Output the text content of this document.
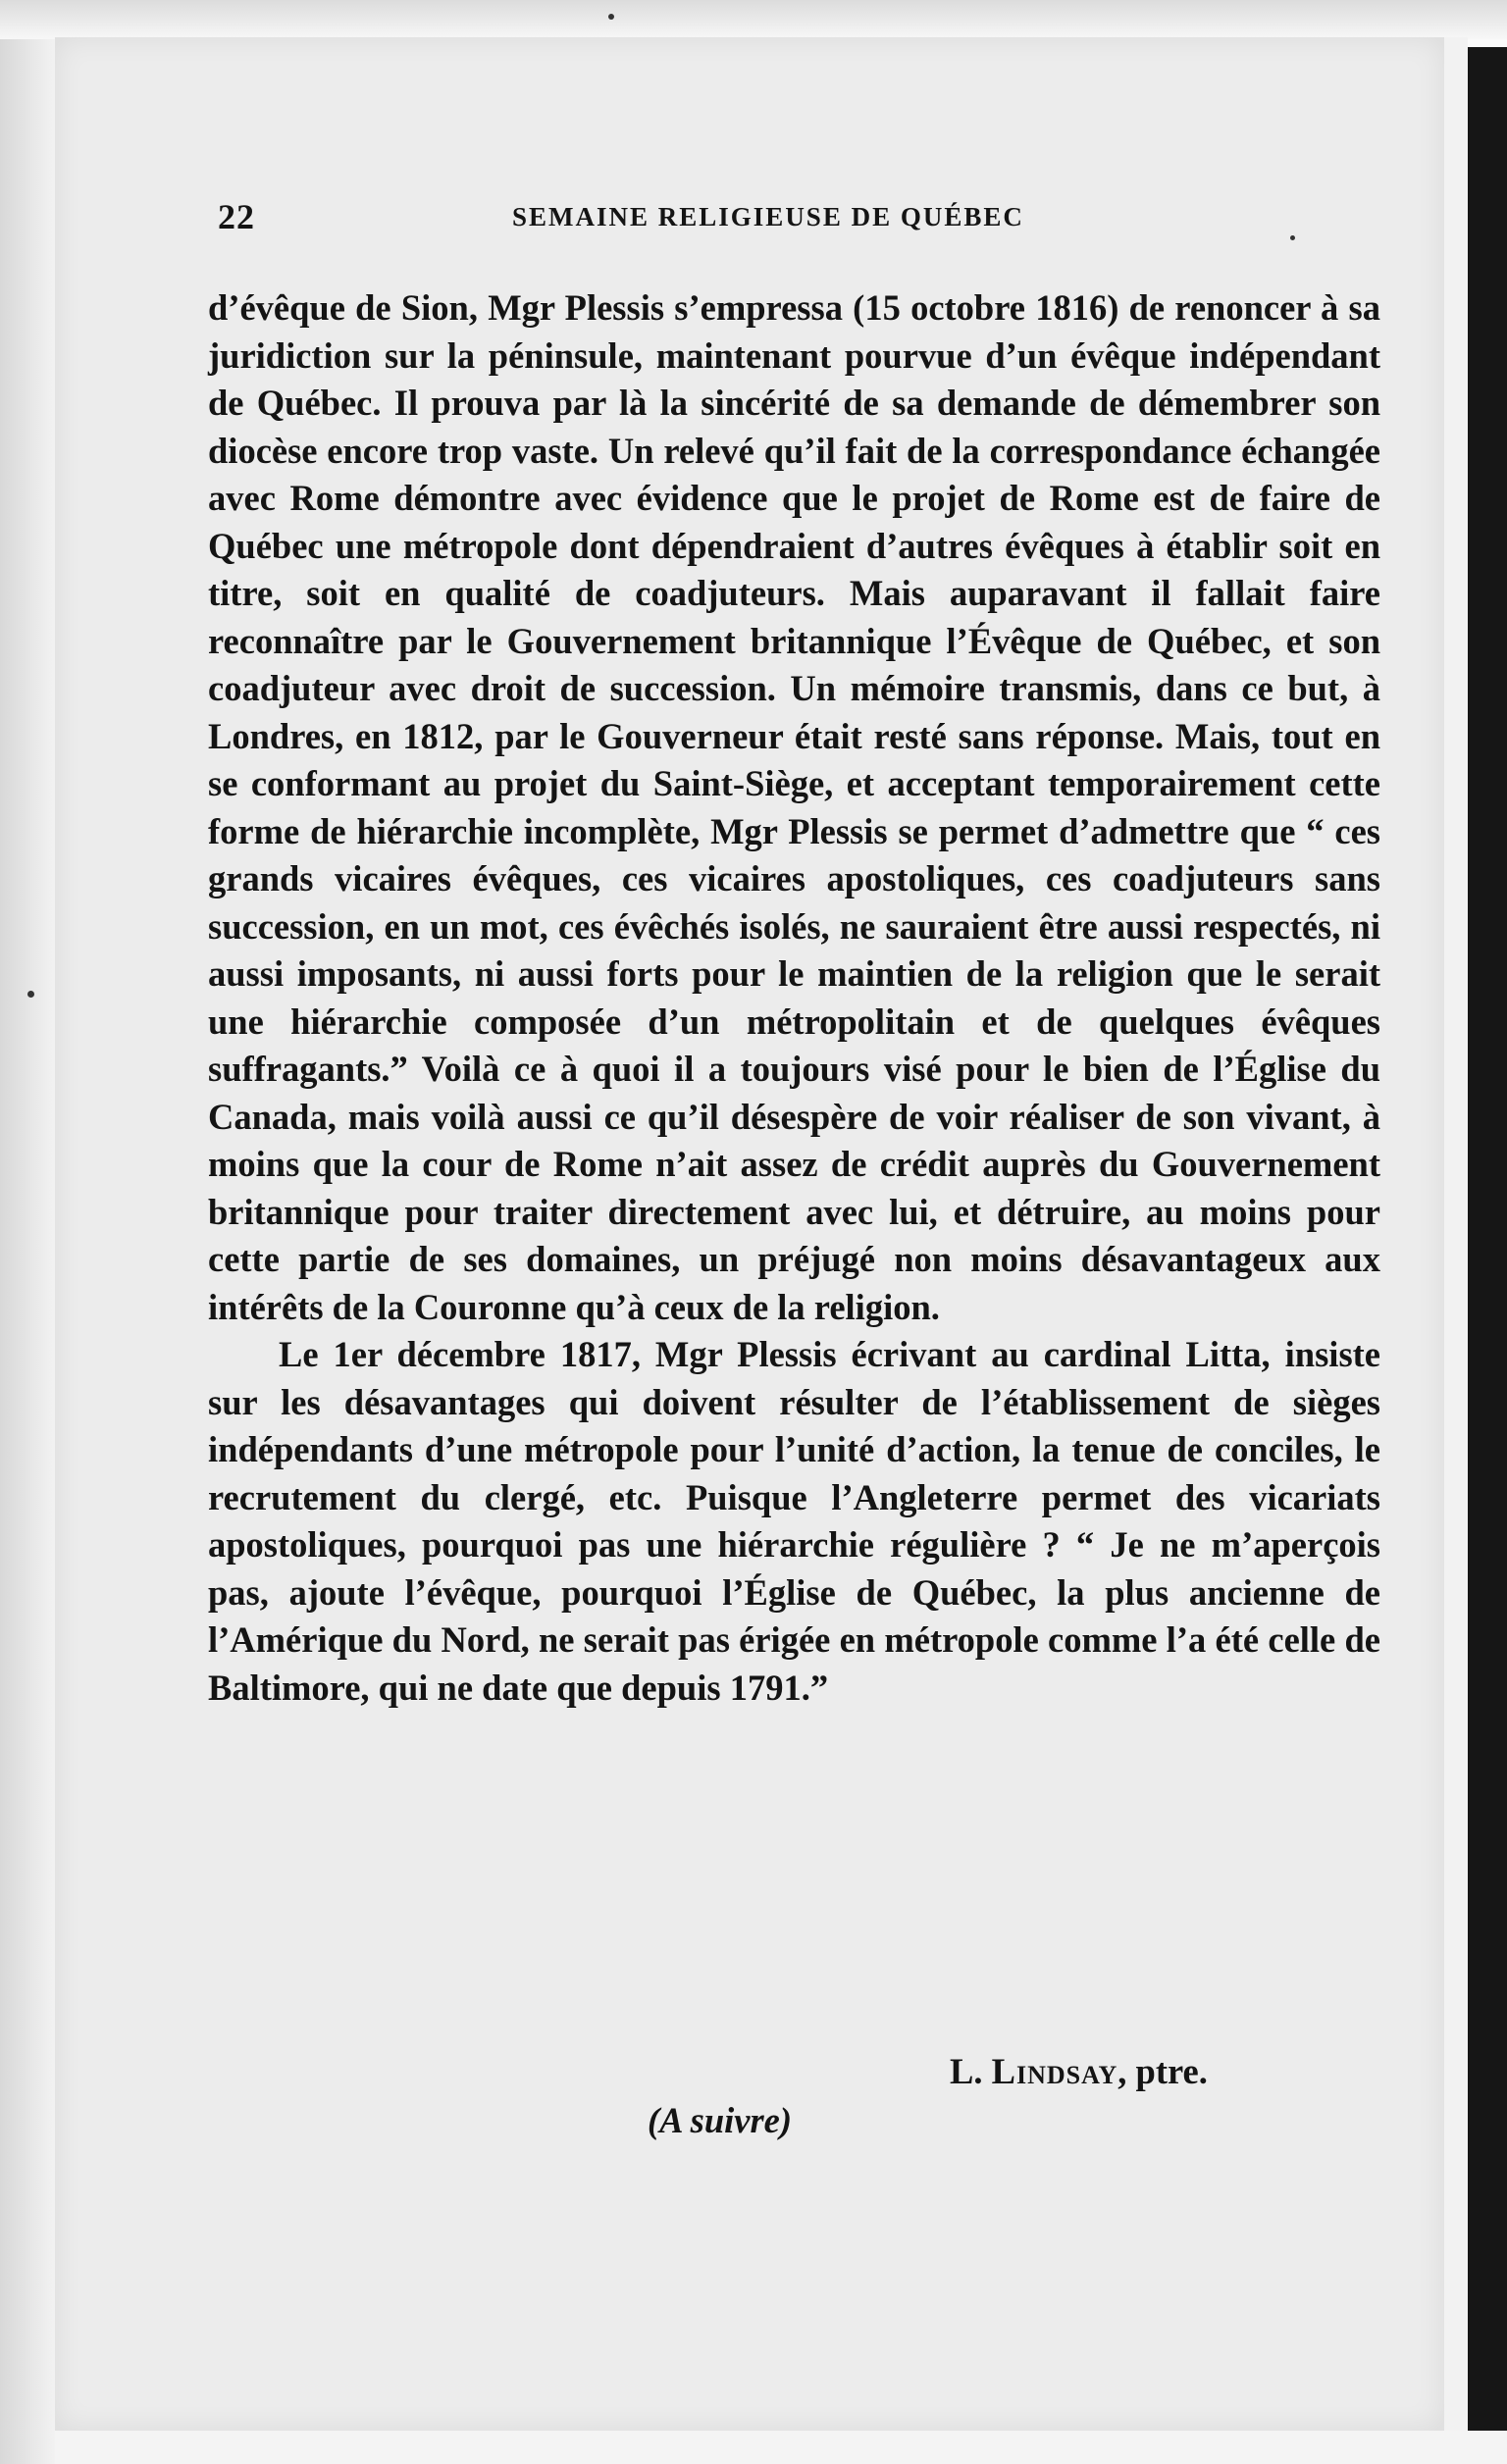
22	SEMAINE RELIGIEUSE DE QUÉBEC

d’évêque de Sion, Mgr Plessis s’empressa (15 octobre 1816) de renoncer à sa juridiction sur la péninsule, maintenant pourvue d’un évêque indépendant de Québec. Il prouva par là la sincérité de sa demande de démembrer son diocèse encore trop vaste. Un relevé qu’il fait de la correspondance échangée avec Rome démontre avec évidence que le projet de Rome est de faire de Québec une métropole dont dépendraient d’autres évêques à établir soit en titre, soit en qualité de coadjuteurs. Mais auparavant il fallait faire reconnaître par le Gouvernement britannique l’Évêque de Québec, et son coadjuteur avec droit de succession. Un mémoire transmis, dans ce but, à Londres, en 1812, par le Gouverneur était resté sans réponse. Mais, tout en se conformant au projet du Saint-Siège, et acceptant temporairement cette forme de hiérarchie incomplète, Mgr Plessis se permet d’admettre que “ ces grands vicaires évêques, ces vicaires apostoliques, ces coadjuteurs sans succession, en un mot, ces évêchés isolés, ne sauraient être aussi respectés, ni aussi imposants, ni aussi forts pour le maintien de la religion que le serait une hiérarchie composée d’un métropolitain et de quelques évêques suffragants.” Voilà ce à quoi il a toujours visé pour le bien de l’Église du Canada, mais voilà aussi ce qu’il désespère de voir réaliser de son vivant, à moins que la cour de Rome n’ait assez de crédit auprès du Gouvernement britannique pour traiter directement avec lui, et détruire, au moins pour cette partie de ses domaines, un préjugé non moins désavantageux aux intérêts de la Couronne qu’à ceux de la religion.

Le 1er décembre 1817, Mgr Plessis écrivant au cardinal Litta, insiste sur les désavantages qui doivent résulter de l’établissement de sièges indépendants d’une métropole pour l’unité d’action, la tenue de conciles, le recrutement du clergé, etc. Puisque l’Angleterre permet des vicariats apostoliques, pourquoi pas une hiérarchie régulière ? “ Je ne m’aperçois pas, ajoute l’évêque, pourquoi l’Église de Québec, la plus ancienne de l’Amérique du Nord, ne serait pas érigée en métropole comme l’a été celle de Baltimore, qui ne date que depuis 1791.”

L. Lindsay, ptre.
(A suivre)
